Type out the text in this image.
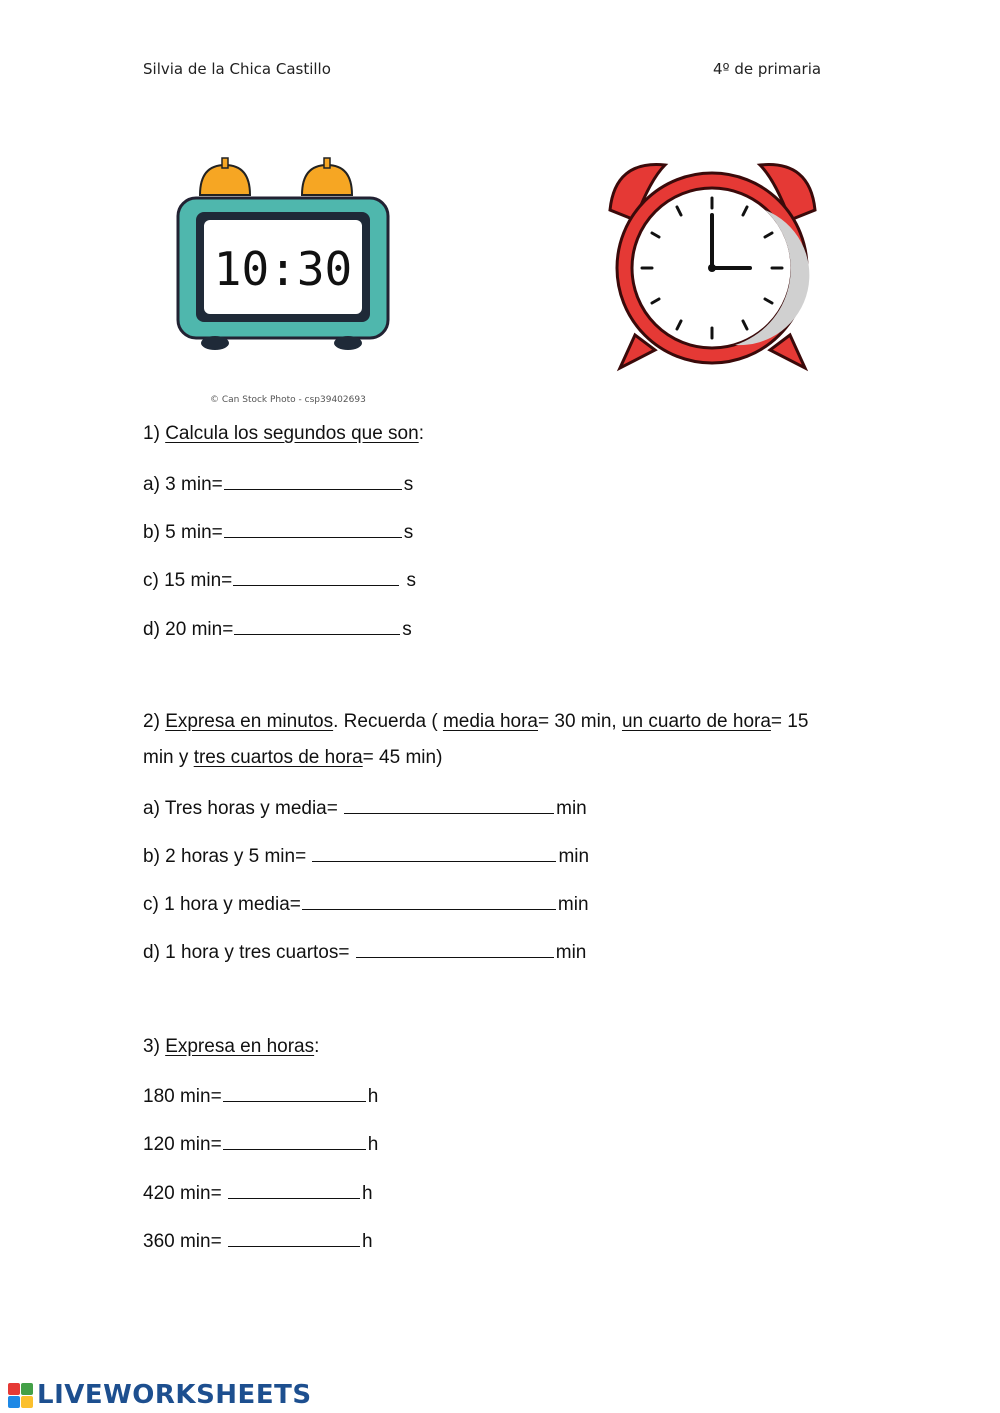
Silvia de la Chica Castillo	4º de primaria
10:30
© Can Stock Photo - csp39402693
1) Calcula los segundos que son:
a) 3 min=	s
b) 5 min=	s
c) 15 min=	s
d) 20 min=	s
2) Expresa en minutos. Recuerda ( media hora= 30 min, un cuarto de hora= 15
min y tres cuartos de hora= 45 min)
a) Tres horas y media=	min
b) 2 horas y 5 min=	min
c) 1 hora y media=	min
d) 1 hora y tres cuartos=	min
3) Expresa en horas:
180 min=	h
120 min=	h
420 min=	h
360 min=	h
LIVEWORKSHEETS
